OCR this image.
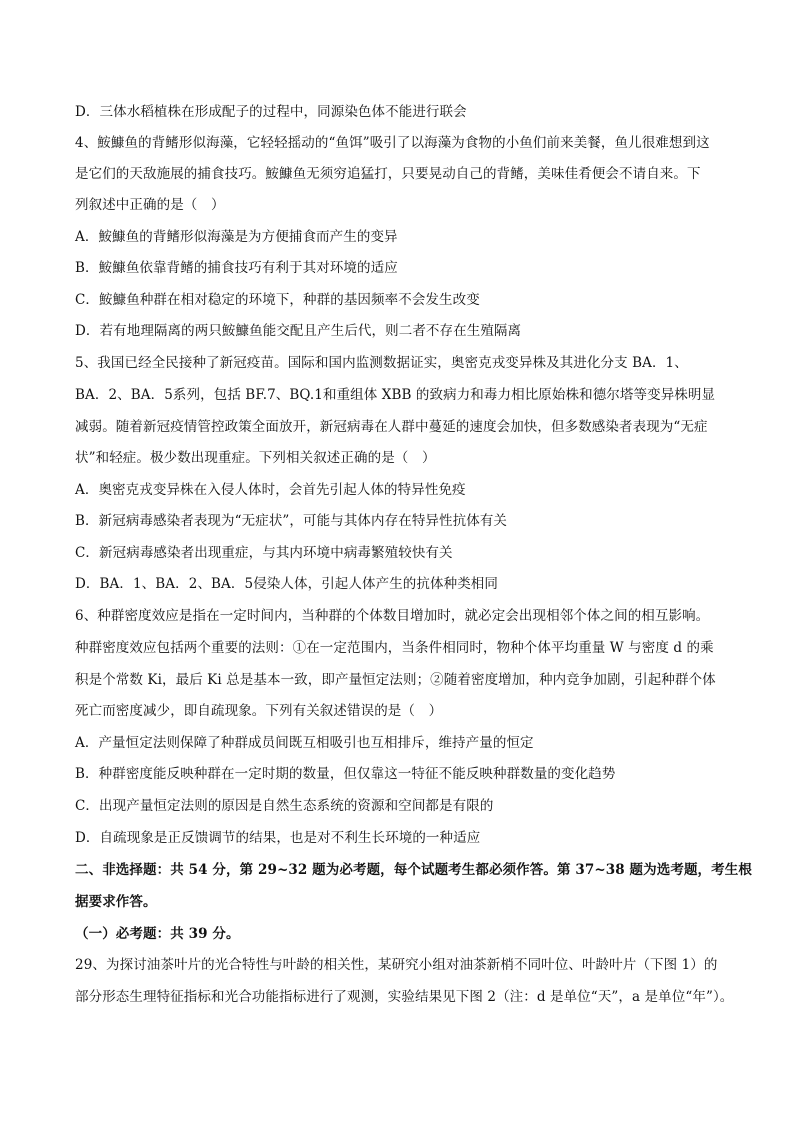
D．三体水稻植株在形成配子的过程中，同源染色体不能进行联会
4、鮟鱇鱼的背鳍形似海藻，它轻轻摇动的“鱼饵”吸引了以海藻为食物的小鱼们前来美餐，鱼儿很难想到这
是它们的天敌施展的捕食技巧。鮟鱇鱼无须穷追猛打，只要晃动自己的背鳍，美味佳肴便会不请自来。下
列叙述中正确的是（　）
A．鮟鱇鱼的背鳍形似海藻是为方便捕食而产生的变异
B．鮟鱇鱼依靠背鳍的捕食技巧有利于其对环境的适应
C．鮟鱇鱼种群在相对稳定的环境下，种群的基因频率不会发生改变
D．若有地理隔离的两只鮟鱇鱼能交配且产生后代，则二者不存在生殖隔离
5、我国已经全民接种了新冠疫苗。国际和国内监测数据证实，奥密克戎变异株及其进化分支 BA．1、
BA．2、BA．5系列，包括 BF.7、BQ.1和重组体 XBB 的致病力和毒力相比原始株和德尔塔等变异株明显
减弱。随着新冠疫情管控政策全面放开，新冠病毒在人群中蔓延的速度会加快，但多数感染者表现为“无症
状”和轻症。极少数出现重症。下列相关叙述正确的是（　）
A．奥密克戎变异株在入侵人体时，会首先引起人体的特异性免疫
B．新冠病毒感染者表现为“无症状”，可能与其体内存在特异性抗体有关
C．新冠病毒感染者出现重症，与其内环境中病毒繁殖较快有关
D．BA．1、BA．2、BA．5侵染人体，引起人体产生的抗体种类相同
6、种群密度效应是指在一定时间内，当种群的个体数目增加时，就必定会出现相邻个体之间的相互影响。
种群密度效应包括两个重要的法则：①在一定范围内，当条件相同时，物种个体平均重量 W 与密度 d 的乘
积是个常数 Ki，最后 Ki 总是基本一致，即产量恒定法则；②随着密度增加，种内竞争加剧，引起种群个体
死亡而密度减少，即自疏现象。下列有关叙述错误的是（　）
A．产量恒定法则保障了种群成员间既互相吸引也互相排斥，维持产量的恒定
B．种群密度能反映种群在一定时期的数量，但仅靠这一特征不能反映种群数量的变化趋势
C．出现产量恒定法则的原因是自然生态系统的资源和空间都是有限的
D．自疏现象是正反馈调节的结果，也是对不利生长环境的一种适应
二、非选择题：共 54 分，第 29~32 题为必考题，每个试题考生都必须作答。第 37~38 题为选考题，考生根
据要求作答。
（一）必考题：共 39 分。
29、为探讨油茶叶片的光合特性与叶龄的相关性，某研究小组对油茶新梢不同叶位、叶龄叶片（下图 1）的
部分形态生理特征指标和光合功能指标进行了观测，实验结果见下图 2（注：d 是单位“天”，a 是单位“年”）。
